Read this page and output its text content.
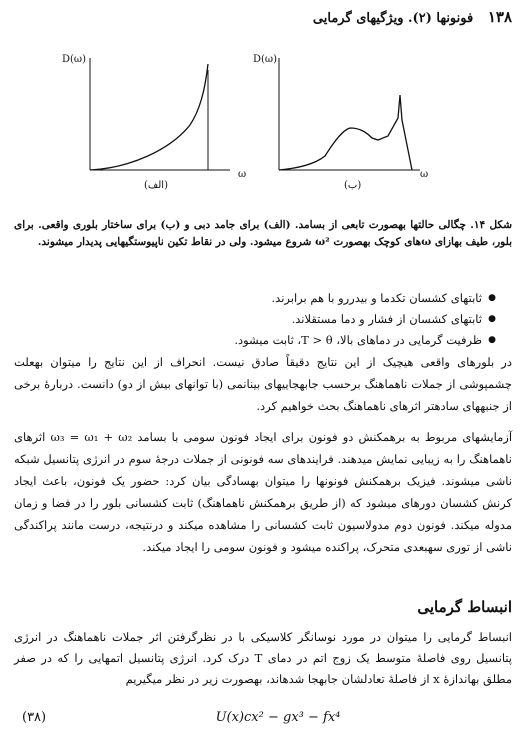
۱۳۸   فونونها (۲). ویژگیهای گرمایی
D(ω)
ω
(الف)
D(ω)
ω
(ب)
شکل ۱۴. چگالی حالتها بهصورت تابعی از بسامد. (الف) برای جامد دبی و (ب) برای ساختار بلوری واقعی. برای بلور، طیف بهازای ωهای کوچک بهصورت ω² شروع میشود. ولی در نقاط تکین ناپیوستگیهایی پدیدار میشوند.
● ثابتهای کشسان تکدما و بیدررو با هم برابرند.
● ثابتهای کشسان از فشار و دما مستقلاند.
● ظرفیت گرمایی در دماهای بالا، T > θ، ثابت میشود.
در بلورهای واقعی هیچیک از این نتایج دقیقاً صادق نیست. انحراف از این نتایج را میتوان بهعلت چشمپوشی از جملات ناهماهنگ برحسب جابهجاییهای بینانمی (با توانهای بیش از دو) دانست. دربارهٔ برخی از جنبههای سادهتر اثرهای ناهماهنگ بحث خواهیم کرد.
آزمایشهای مربوط به برهمکنش دو فونون برای ایجاد فونون سومی با بسامد ω₃ = ω₁ + ω₂ اثرهای ناهماهنگ را به زیبایی نمایش میدهند. فرایندهای سه فونونی از جملات درجهٔ سوم در انرژی پتانسیل شبکه ناشی میشوند. فیزیک برهمکنش فونونها را میتوان بهسادگی بیان کرد: حضور یک فونون، باعث ایجاد کرنش کشسان دورهای میشود که (از طریق برهمکنش ناهماهنگ) ثابت کشسانی بلور را در فضا و زمان مدوله میکند. فونون دوم مدولاسیون ثابت کشسانی را مشاهده میکند و درنتیجه، درست مانند پراکندگی ناشی از توری سهبعدی متحرک، پراکنده میشود و فونون سومی را ایجاد میکند.
انبساط گرمایی
انبساط گرمایی را میتوان در مورد نوسانگر کلاسیکی با در نظرگرفتن اثر جملات ناهماهنگ در انرژی پتانسیل روی فاصلهٔ متوسط یک زوج اتم در دمای T درک کرد. انرژی پتانسیل اتمهایی را که در صفر مطلق بهاندازهٔ x از فاصلهٔ تعادلشان جابهجا شدهاند، بهصورت زیر در نظر میگیریم
(۳۸)	U(x)cx² − gx³ − fx⁴
